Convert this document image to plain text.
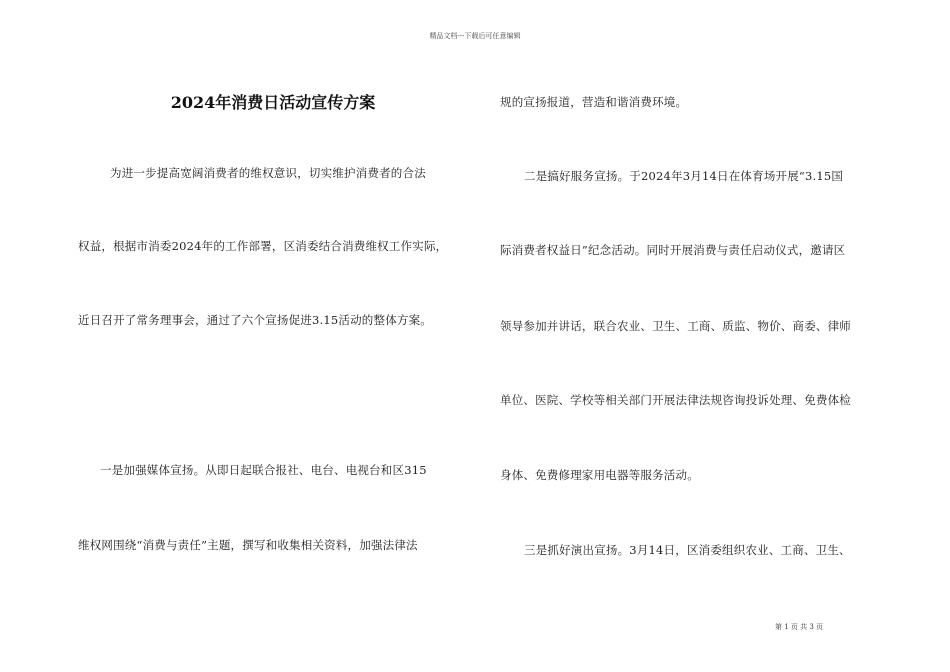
精品文档---下载后可任意编辑
2024年消费日活动宣传方案
为进一步提高宽阔消费者的维权意识，切实维护消费者的合法
权益，根据市消委2024年的工作部署，区消委结合消费维权工作实际，
近日召开了常务理事会，通过了六个宣扬促进3.15活动的整体方案。
一是加强媒体宣扬。从即日起联合报社、电台、电视台和区315
维权网围绕“消费与责任”主题，撰写和收集相关资料，加强法律法
规的宣扬报道，营造和谐消费环境。
二是搞好服务宣扬。于2024年3月14日在体育场开展“3.15国
际消费者权益日”纪念活动。同时开展消费与责任启动仪式，邀请区
领导参加并讲话，联合农业、卫生、工商、质监、物价、商委、律师
单位、医院、学校等相关部门开展法律法规咨询投诉处理、免费体检
身体、免费修理家用电器等服务活动。
三是抓好演出宣扬。3月14日，区消委组织农业、工商、卫生、
第 1 页 共 3 页
